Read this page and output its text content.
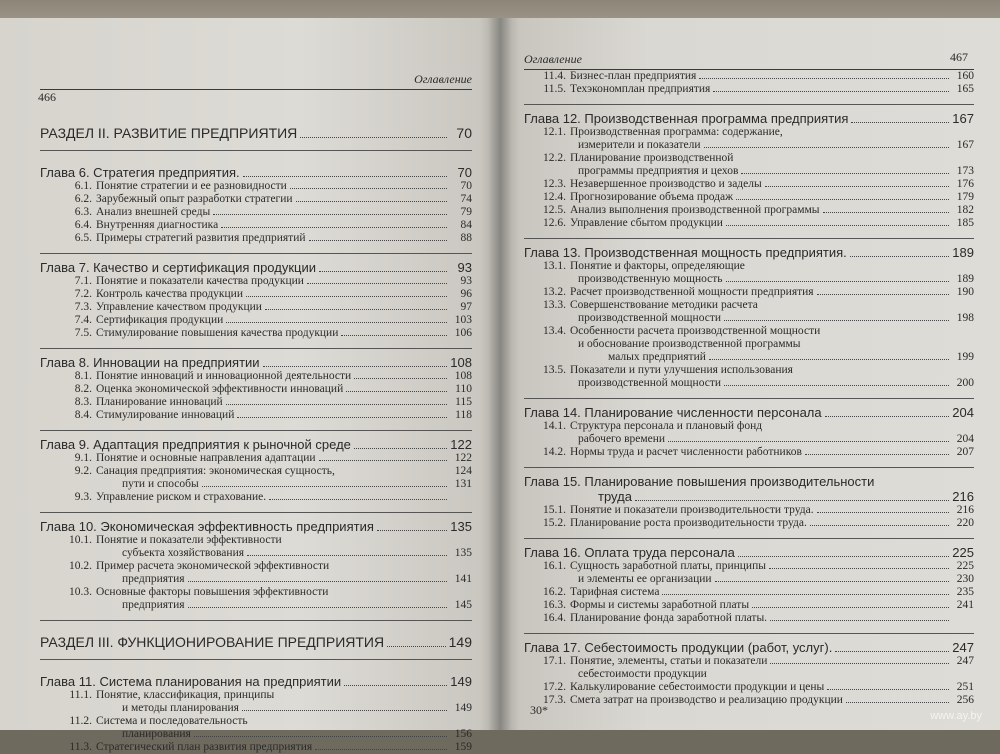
Оглавление
466
РАЗДЕЛ II. РАЗВИТИЕ ПРЕДПРИЯТИЯ	70
Глава 6. Стратегия предприятия.	70
6.1. Понятие стратегии и ее разновидности	70
6.2. Зарубежный опыт разработки стратегии	74
6.3. Анализ внешней среды	79
6.4. Внутренняя диагностика	84
6.5. Примеры стратегий развития предприятий	88
Глава 7. Качество и сертификация продукции	93
7.1. Понятие и показатели качества продукции	93
7.2. Контроль качества продукции	96
7.3. Управление качеством продукции	97
7.4. Сертификация продукции	103
7.5. Стимулирование повышения качества продукции	106
Глава 8. Инновации на предприятии	108
8.1. Понятие инноваций и инновационной деятельности	108
8.2. Оценка экономической эффективности инноваций	110
8.3. Планирование инноваций	115
8.4. Стимулирование инноваций	118
Глава 9. Адаптация предприятия к рыночной среде	122
9.1. Понятие и основные направления адаптации	122
9.2. Санация предприятия: экономическая сущность,	124
пути и способы	131
9.3. Управление риском и страхование.
Глава 10. Экономическая эффективность предприятия	135
10.1. Понятие и показатели эффективности
субъекта хозяйствования	135
10.2. Пример расчета экономической эффективности
предприятия	141
10.3. Основные факторы повышения эффективности
предприятия	145
РАЗДЕЛ III. ФУНКЦИОНИРОВАНИЕ ПРЕДПРИЯТИЯ	149
Глава 11. Система планирования на предприятии	149
11.1. Понятие, классификация, принципы
и методы планирования	149
11.2. Система и последовательность
планирования	156
11.3. Стратегический план развития предприятия	159
Оглавление	467
11.4. Бизнес-план предприятия	160
11.5. Техэкономплан предприятия	165
Глава 12. Производственная программа предприятия	167
12.1. Производственная программа: содержание,
измерители и показатели	167
12.2. Планирование производственной
программы предприятия и цехов	173
12.3. Незавершенное производство и заделы	176
12.4. Прогнозирование объема продаж	179
12.5. Анализ выполнения производственной программы	182
12.6. Управление сбытом продукции	185
Глава 13. Производственная мощность предприятия.	189
13.1. Понятие и факторы, определяющие
производственную мощность	189
13.2. Расчет производственной мощности предприятия	190
13.3. Совершенствование методики расчета
производственной мощности	198
13.4. Особенности расчета производственной мощности
и обоснование производственной программы
малых предприятий	199
13.5. Показатели и пути улучшения использования
производственной мощности	200
Глава 14. Планирование численности персонала	204
14.1. Структура персонала и плановый фонд
рабочего времени	204
14.2. Нормы труда и расчет численности работников	207
Глава 15. Планирование повышения производительности
труда	216
15.1. Понятие и показатели производительности труда.	216
15.2. Планирование роста производительности труда.	220
Глава 16. Оплата труда персонала	225
16.1. Сущность заработной платы, принципы	225
и элементы ее организации	230
16.2. Тарифная система	235
16.3. Формы и системы заработной платы	241
16.4. Планирование фонда заработной платы.
Глава 17. Себестоимость продукции (работ, услуг).	247
17.1. Понятие, элементы, статьи и показатели	247
себестоимости продукции
17.2. Калькулирование себестоимости продукции и цены	251
17.3. Смета затрат на производство и реализацию продукции	256
30*	www.ay.by
